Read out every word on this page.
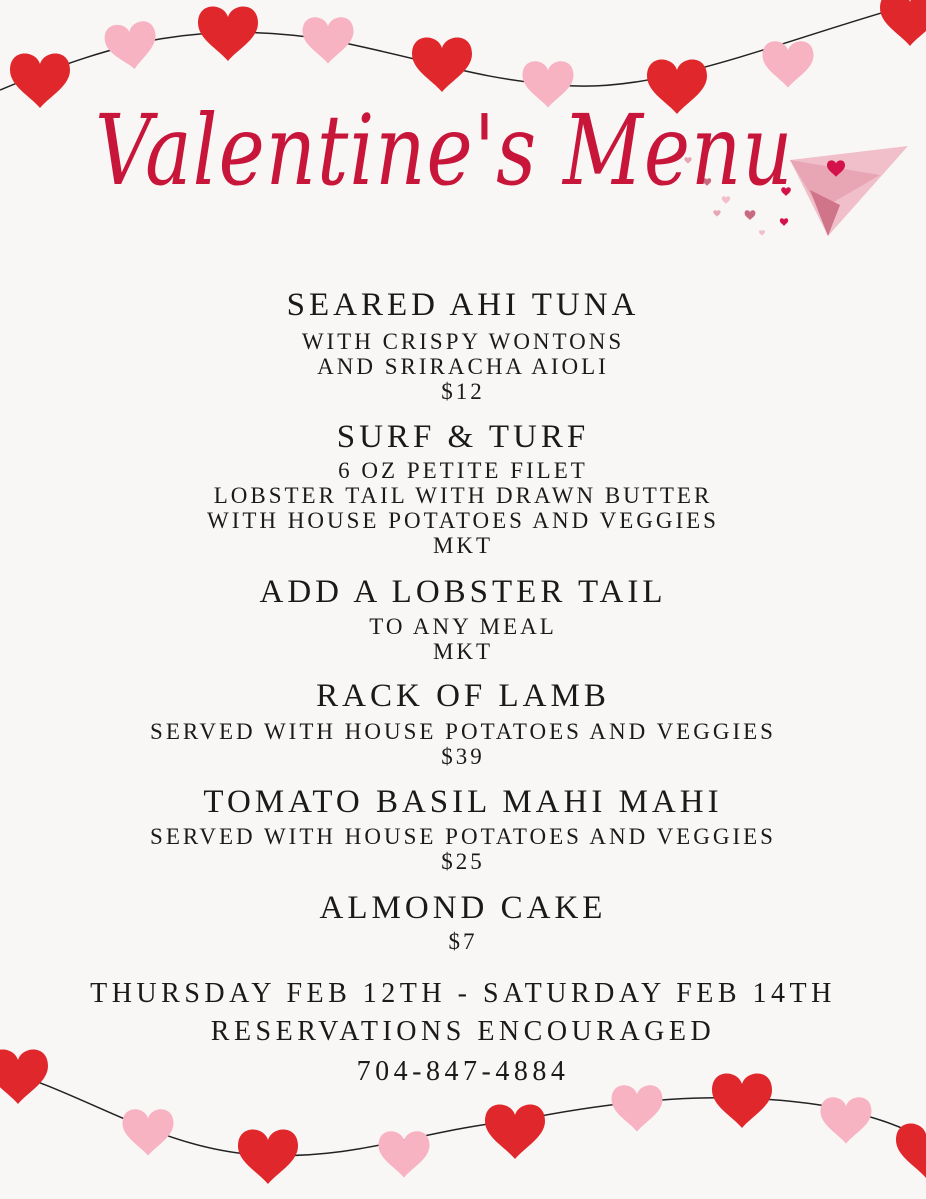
Valentine's Menu
SEARED AHI TUNA
WITH CRISPY WONTONS
AND SRIRACHA AIOLI
$12
SURF & TURF
6 OZ PETITE FILET
LOBSTER TAIL WITH DRAWN BUTTER
WITH HOUSE POTATOES AND VEGGIES
MKT
ADD A LOBSTER TAIL
TO ANY MEAL
MKT
RACK OF LAMB
SERVED WITH HOUSE POTATOES AND VEGGIES
$39
TOMATO BASIL MAHI MAHI
SERVED WITH HOUSE POTATOES AND VEGGIES
$25
ALMOND CAKE
$7
THURSDAY FEB 12TH - SATURDAY FEB 14TH
RESERVATIONS ENCOURAGED
704-847-4884
